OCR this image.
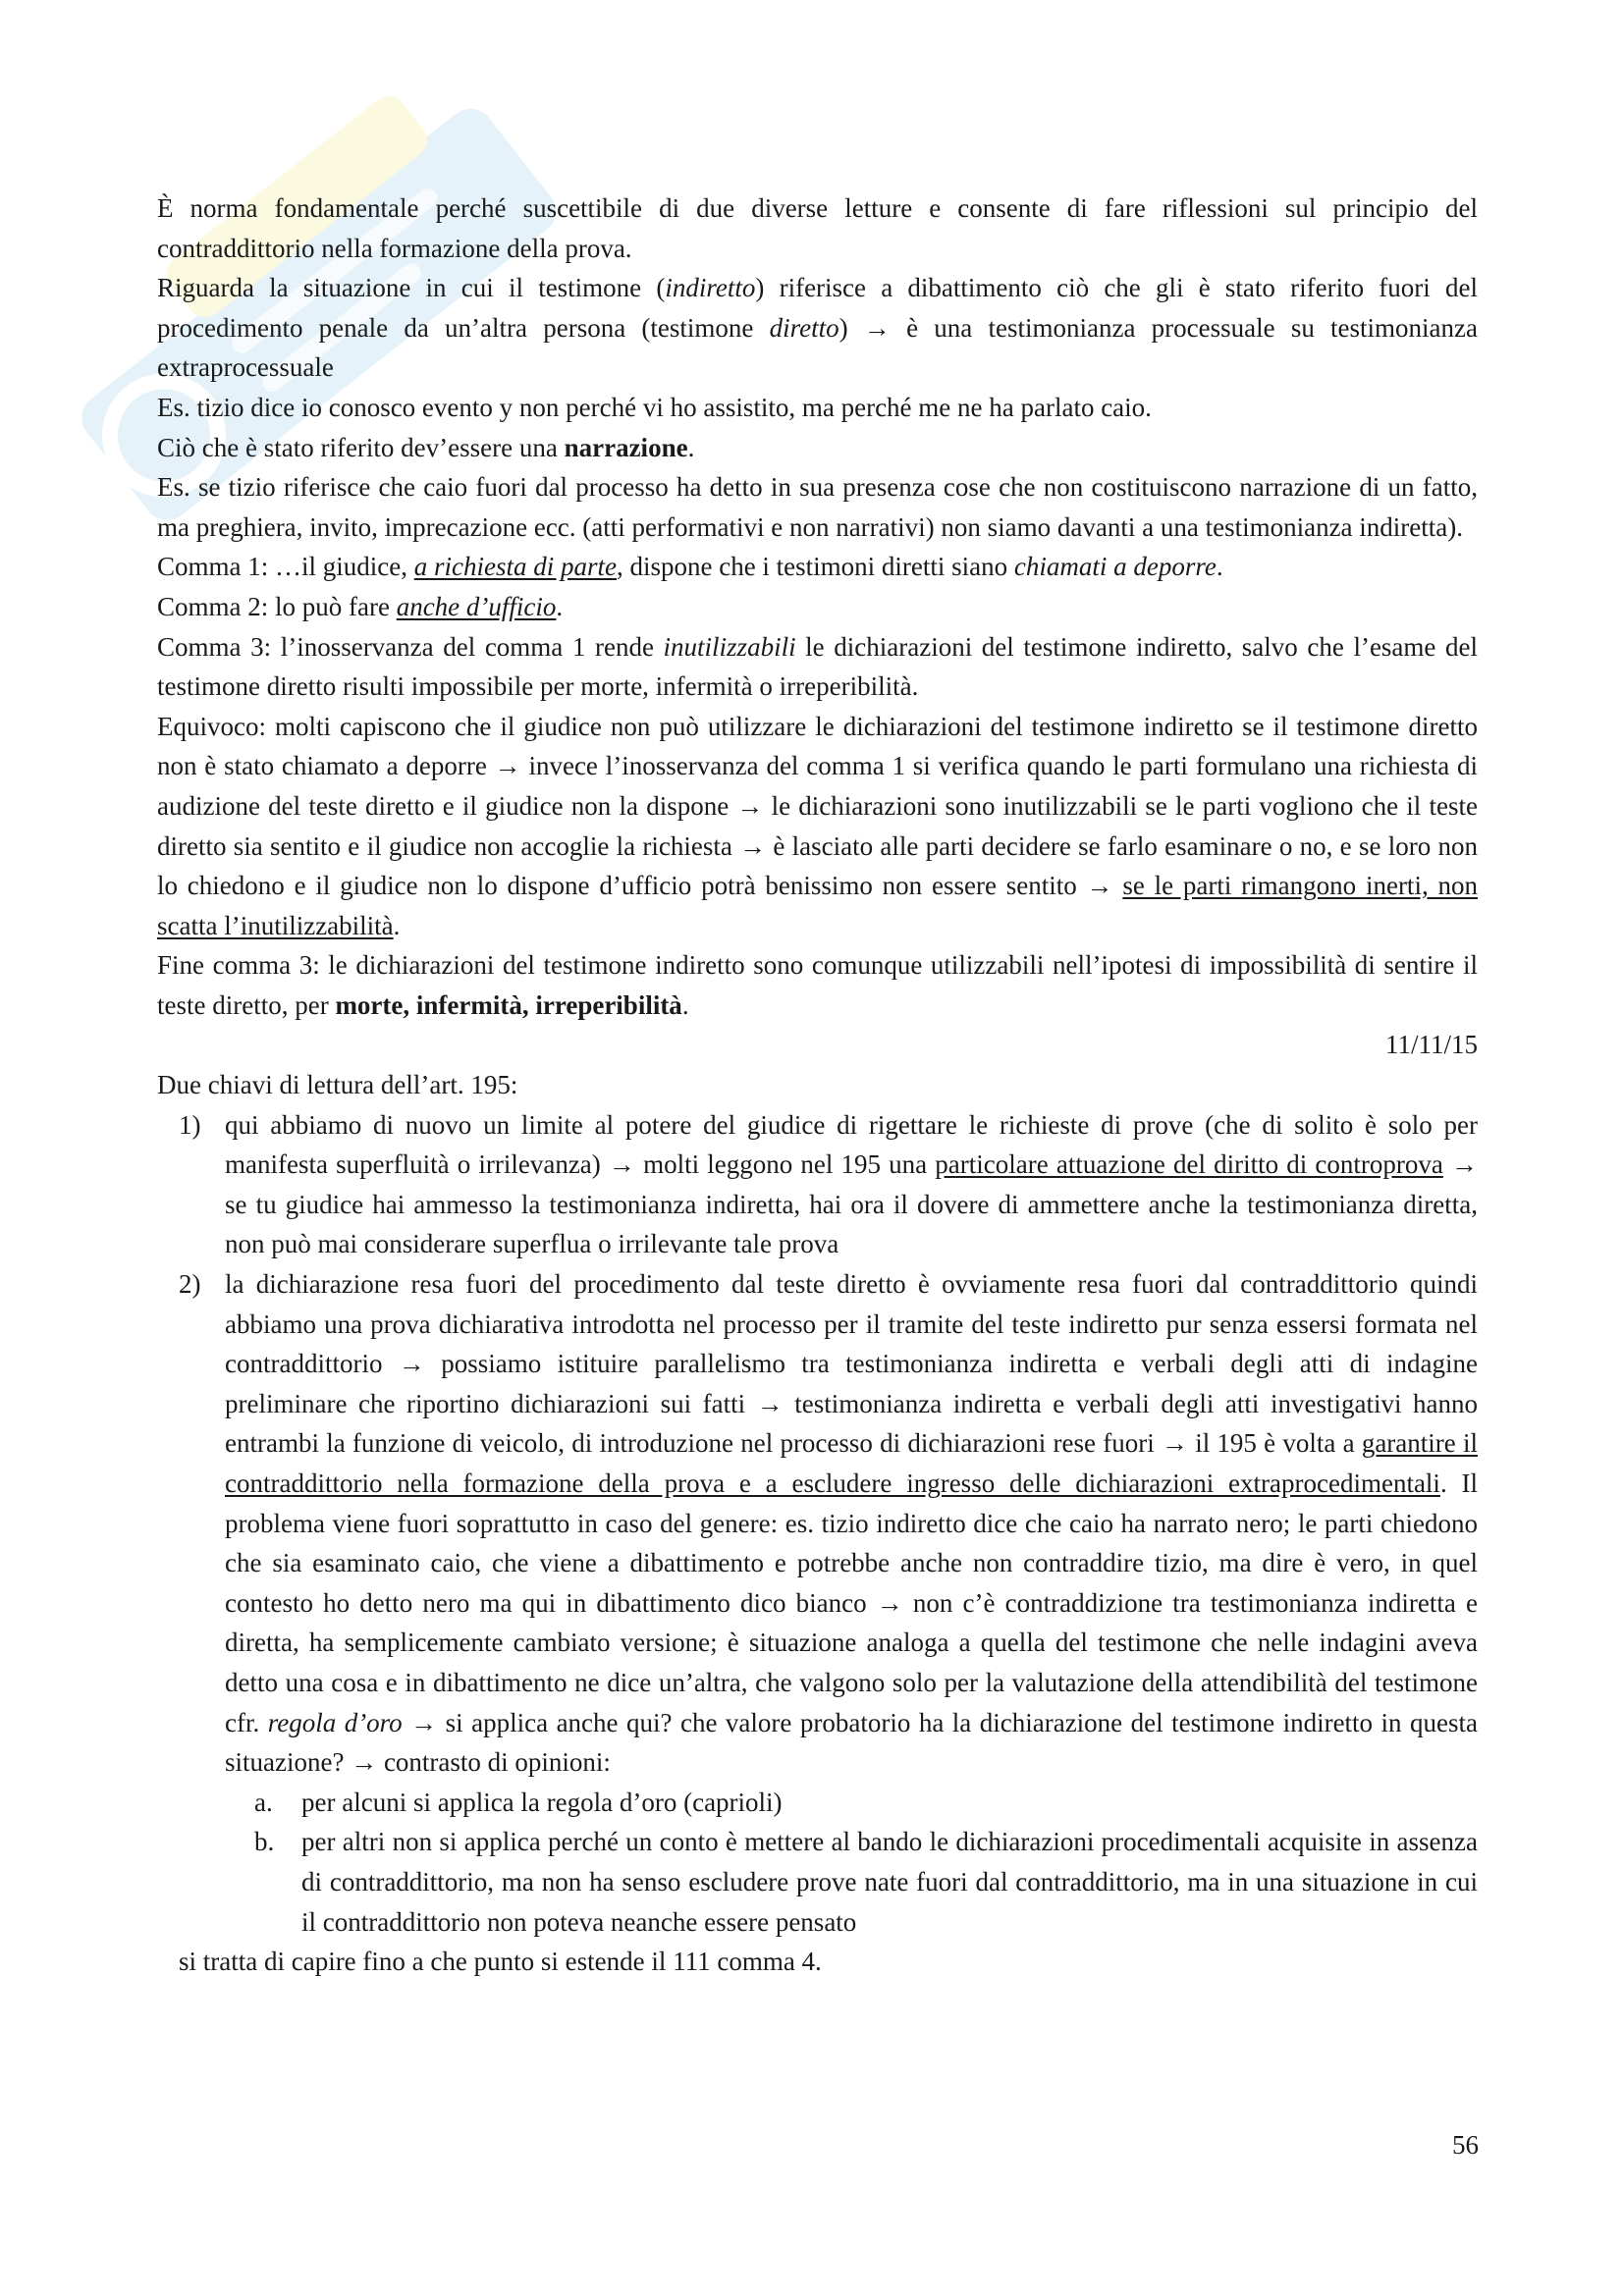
È norma fondamentale perché suscettibile di due diverse letture e consente di fare riflessioni sul principio del contraddittorio nella formazione della prova.

Riguarda la situazione in cui il testimone (indiretto) riferisce a dibattimento ciò che gli è stato riferito fuori del procedimento penale da un’altra persona (testimone diretto) → è una testimonianza processuale su testimonianza extraprocessuale

Es. tizio dice io conosco evento y non perché vi ho assistito, ma perché me ne ha parlato caio.

Ciò che è stato riferito dev’essere una narrazione.

Es. se tizio riferisce che caio fuori dal processo ha detto in sua presenza cose che non costituiscono narrazione di un fatto, ma preghiera, invito, imprecazione ecc. (atti performativi e non narrativi) non siamo davanti a una testimonianza indiretta).

Comma 1: …il giudice, a richiesta di parte, dispone che i testimoni diretti siano chiamati a deporre.

Comma 2: lo può fare anche d’ufficio.

Comma 3: l’inosservanza del comma 1 rende inutilizzabili le dichiarazioni del testimone indiretto, salvo che l’esame del testimone diretto risulti impossibile per morte, infermità o irreperibilità.

Equivoco: molti capiscono che il giudice non può utilizzare le dichiarazioni del testimone indiretto se il testimone diretto non è stato chiamato a deporre → invece l’inosservanza del comma 1 si verifica quando le parti formulano una richiesta di audizione del teste diretto e il giudice non la dispone → le dichiarazioni sono inutilizzabili se le parti vogliono che il teste diretto sia sentito e il giudice non accoglie la richiesta → è lasciato alle parti decidere se farlo esaminare o no, e se loro non lo chiedono e il giudice non lo dispone d’ufficio potrà benissimo non essere sentito → se le parti rimangono inerti, non scatta l’inutilizzabilità.

Fine comma 3: le dichiarazioni del testimone indiretto sono comunque utilizzabili nell’ipotesi di impossibilità di sentire il teste diretto, per morte, infermità, irreperibilità.

11/11/15

Due chiavi di lettura dell’art. 195:

1) qui abbiamo di nuovo un limite al potere del giudice di rigettare le richieste di prove (che di solito è solo per manifesta superfluità o irrilevanza) → molti leggono nel 195 una particolare attuazione del diritto di controprova → se tu giudice hai ammesso la testimonianza indiretta, hai ora il dovere di ammettere anche la testimonianza diretta, non può mai considerare superflua o irrilevante tale prova
2) la dichiarazione resa fuori del procedimento dal teste diretto è ovviamente resa fuori dal contraddittorio quindi abbiamo una prova dichiarativa introdotta nel processo per il tramite del teste indiretto pur senza essersi formata nel contraddittorio → possiamo istituire parallelismo tra testimonianza indiretta e verbali degli atti di indagine preliminare che riportino dichiarazioni sui fatti → testimonianza indiretta e verbali degli atti investigativi hanno entrambi la funzione di veicolo, di introduzione nel processo di dichiarazioni rese fuori → il 195 è volta a garantire il contraddittorio nella formazione della prova e a escludere ingresso delle dichiarazioni extraprocedimentali. Il problema viene fuori soprattutto in caso del genere: es. tizio indiretto dice che caio ha narrato nero; le parti chiedono che sia esaminato caio, che viene a dibattimento e potrebbe anche non contraddire tizio, ma dire è vero, in quel contesto ho detto nero ma qui in dibattimento dico bianco → non c’è contraddizione tra testimonianza indiretta e diretta, ha semplicemente cambiato versione; è situazione analoga a quella del testimone che nelle indagini aveva detto una cosa e in dibattimento ne dice un’altra, che valgono solo per la valutazione della attendibilità del testimone cfr. regola d’oro → si applica anche qui? che valore probatorio ha la dichiarazione del testimone indiretto in questa situazione? → contrasto di opinioni:
a. per alcuni si applica la regola d’oro (caprioli)
b. per altri non si applica perché un conto è mettere al bando le dichiarazioni procedimentali acquisite in assenza di contraddittorio, ma non ha senso escludere prove nate fuori dal contraddittorio, ma in una situazione in cui il contraddittorio non poteva neanche essere pensato

si tratta di capire fino a che punto si estende il 111 comma 4.

56
